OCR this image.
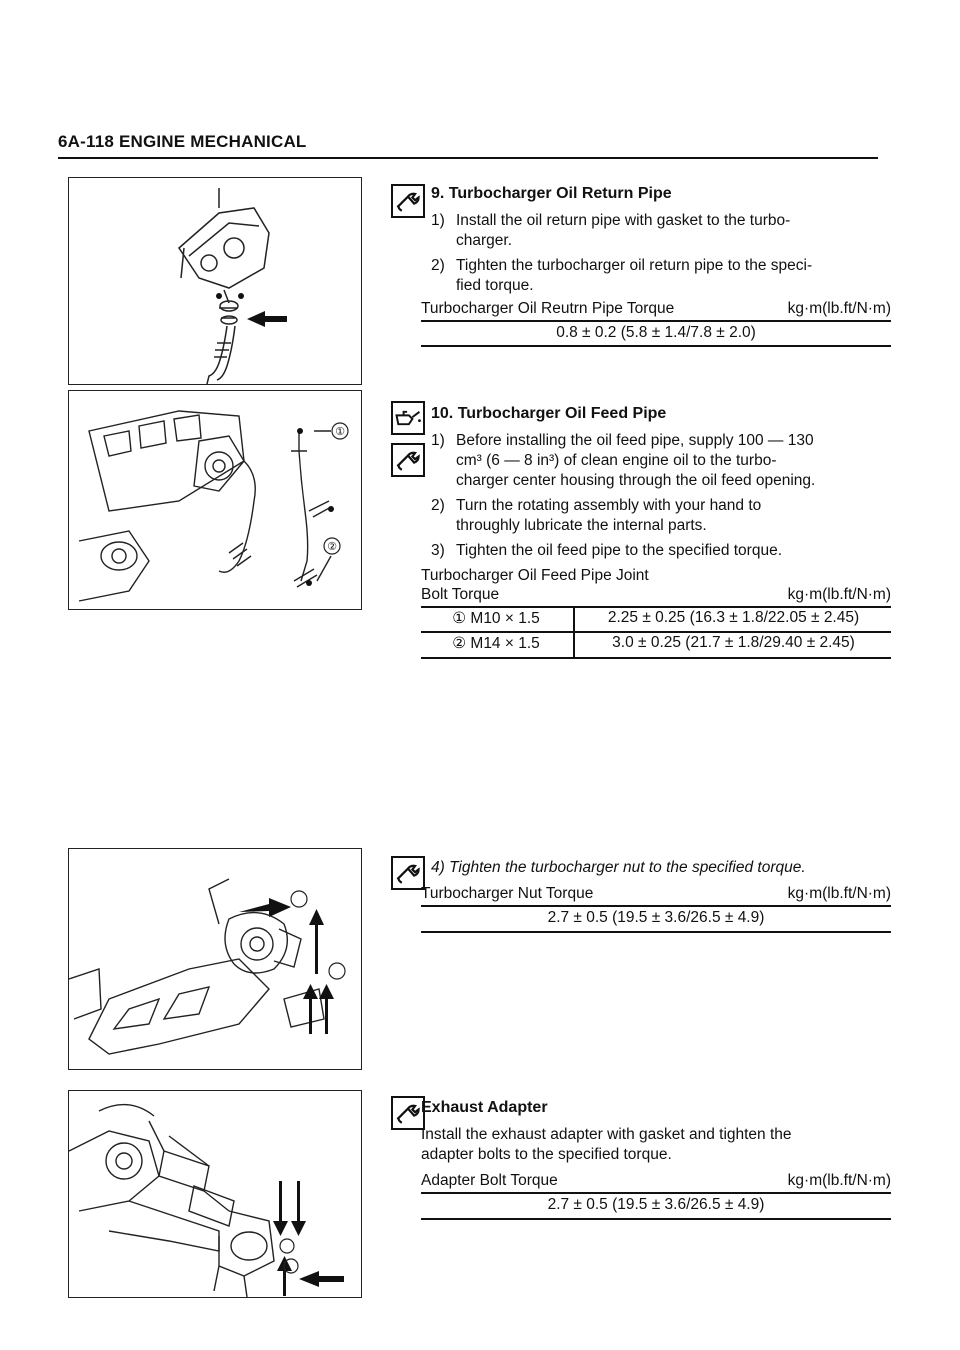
6A-118 ENGINE MECHANICAL
9. Turbocharger Oil Return Pipe
1) Install the oil return pipe with gasket to the turbo-
charger.
2) Tighten the turbocharger oil return pipe to the speci-
fied torque.
Turbocharger Oil Reutrn Pipe Torque	kg·m(lb.ft/N·m)
0.8 ± 0.2 (5.8 ± 1.4/7.8 ± 2.0)
①
②
10. Turbocharger Oil Feed Pipe
1) Before installing the oil feed pipe, supply 100 — 130
cm³ (6 — 8 in³) of clean engine oil to the turbo-
charger center housing through the oil feed opening.
2) Turn the rotating assembly with your hand to
throughly lubricate the internal parts.
3) Tighten the oil feed pipe to the specified torque.
Turbocharger Oil Feed Pipe Joint
Bolt Torque	kg·m(lb.ft/N·m)
① M10 × 1.5	2.25 ± 0.25 (16.3 ± 1.8/22.05 ± 2.45)
② M14 × 1.5	3.0 ± 0.25 (21.7 ± 1.8/29.40 ± 2.45)
4) Tighten the turbocharger nut to the specified torque.
Turbocharger Nut Torque	kg·m(lb.ft/N·m)
2.7 ± 0.5 (19.5 ± 3.6/26.5 ± 4.9)
Exhaust Adapter
Install the exhaust adapter with gasket and tighten the
adapter bolts to the specified torque.
Adapter Bolt Torque	kg·m(lb.ft/N·m)
2.7 ± 0.5 (19.5 ± 3.6/26.5 ± 4.9)
